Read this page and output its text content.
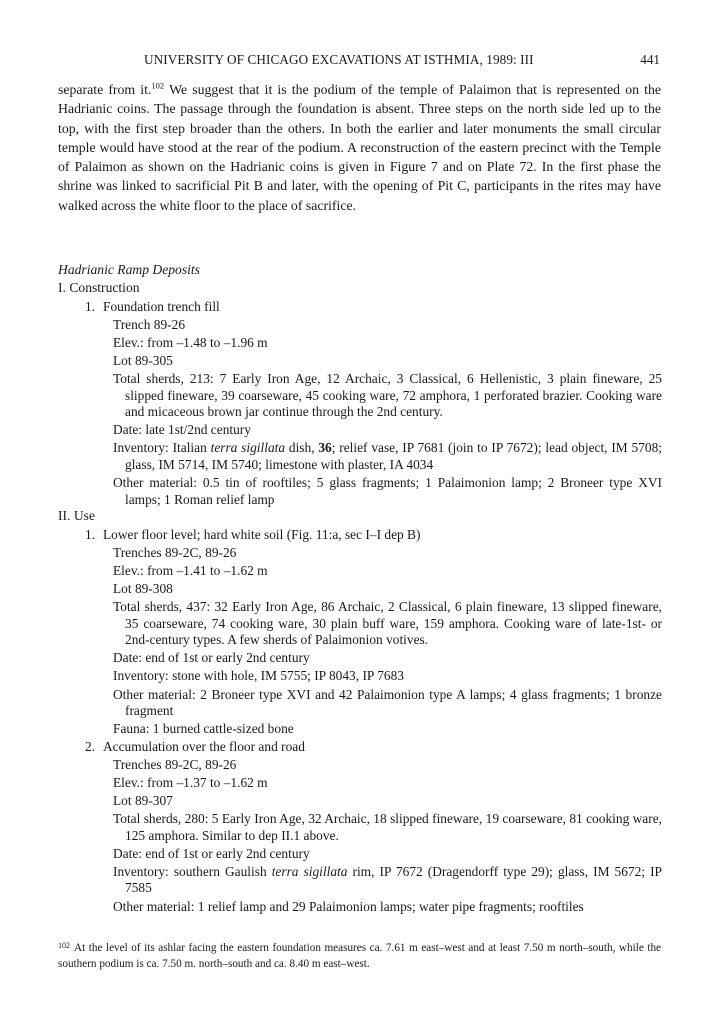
UNIVERSITY OF CHICAGO EXCAVATIONS AT ISTHMIA, 1989: III	441
separate from it.$^{102}$ We suggest that it is the podium of the temple of Palaimon that is represented on the Hadrianic coins. The passage through the foundation is absent. Three steps on the north side led up to the top, with the first step broader than the others. In both the earlier and later monuments the small circular temple would have stood at the rear of the podium. A reconstruction of the eastern precinct with the Temple of Palaimon as shown on the Hadrianic coins is given in Figure 7 and on Plate 72. In the first phase the shrine was linked to sacrificial Pit B and later, with the opening of Pit C, participants in the rites may have walked across the white floor to the place of sacrifice.
Hadrianic Ramp Deposits
I. Construction
1. Foundation trench fill
Trench 89-26
Elev.: from –1.48 to –1.96 m
Lot 89-305
Total sherds, 213: 7 Early Iron Age, 12 Archaic, 3 Classical, 6 Hellenistic, 3 plain fineware, 25 slipped fineware, 39 coarseware, 45 cooking ware, 72 amphora, 1 perforated brazier. Cooking ware and micaceous brown jar continue through the 2nd century.
Date: late 1st/2nd century
Inventory: Italian terra sigillata dish, 36; relief vase, IP 7681 (join to IP 7672); lead object, IM 5708; glass, IM 5714, IM 5740; limestone with plaster, IA 4034
Other material: 0.5 tin of rooftiles; 5 glass fragments; 1 Palaimonion lamp; 2 Broneer type XVI lamps; 1 Roman relief lamp
II. Use
1. Lower floor level; hard white soil (Fig. 11:a, sec I–I dep B)
Trenches 89-2C, 89-26
Elev.: from –1.41 to –1.62 m
Lot 89-308
Total sherds, 437: 32 Early Iron Age, 86 Archaic, 2 Classical, 6 plain fineware, 13 slipped fineware, 35 coarseware, 74 cooking ware, 30 plain buff ware, 159 amphora. Cooking ware of late-1st- or 2nd-century types. A few sherds of Palaimonion votives.
Date: end of 1st or early 2nd century
Inventory: stone with hole, IM 5755; IP 8043, IP 7683
Other material: 2 Broneer type XVI and 42 Palaimonion type A lamps; 4 glass fragments; 1 bronze fragment
Fauna: 1 burned cattle-sized bone
2. Accumulation over the floor and road
Trenches 89-2C, 89-26
Elev.: from –1.37 to –1.62 m
Lot 89-307
Total sherds, 280: 5 Early Iron Age, 32 Archaic, 18 slipped fineware, 19 coarseware, 81 cooking ware, 125 amphora. Similar to dep II.1 above.
Date: end of 1st or early 2nd century
Inventory: southern Gaulish terra sigillata rim, IP 7672 (Dragendorff type 29); glass, IM 5672; IP 7585
Other material: 1 relief lamp and 29 Palaimonion lamps; water pipe fragments; rooftiles
$^{102}$ At the level of its ashlar facing the eastern foundation measures ca. 7.61 m east–west and at least 7.50 m north–south, while the southern podium is ca. 7.50 m. north–south and ca. 8.40 m east–west.
